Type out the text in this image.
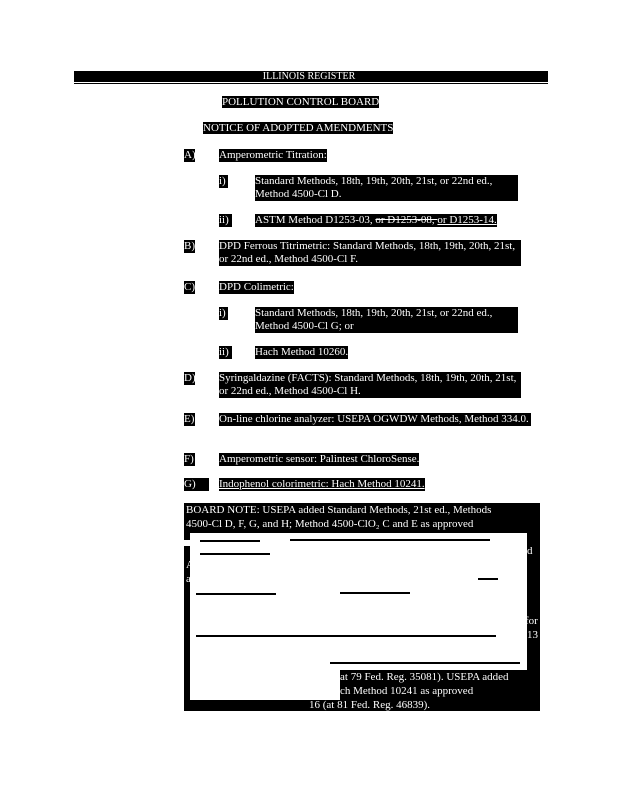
ILLINOIS REGISTER
POLLUTION CONTROL BOARD
NOTICE OF ADOPTED AMENDMENTS
A) Amperometric Titration:
i)	Standard Methods, 18th, 19th, 20th, 21st, or 22nd ed., Method 4500-Cl D.
ii) ASTM Method D1253-03, or D1253-08, or D1253-14.
B) DPD Ferrous Titrimetric: Standard Methods, 18th, 19th, 20th, 21st, or 22nd ed., Method 4500-Cl F.
C) DPD Colimetric:
i)	Standard Methods, 18th, 19th, 20th, 21st, or 22nd ed., Method 4500-Cl G; or
ii) Hach Method 10260.
D) Syringaldazine (FACTS): Standard Methods, 18th, 19th, 20th, 21st, or 22nd ed., Method 4500-Cl H.
E) On-line chlorine analyzer: USEPA OGWDW Methods, Method 334.0.
F) Amperometric sensor: Palintest ChloroSense.
G)	Indophenol colorimetric: Hach Method 10241.
BOARD NOTE: USEPA added Standard Methods, 21st ed., Methods
4500-Cl D, F, G, and H; Method 4500-ClO₂ C and E as approved
d
A
for
13
ar
at 79 Fed. Reg. 35081). USEPA added
ch Method 10241 as approved
16 (at 81 Fed. Reg. 46839).
